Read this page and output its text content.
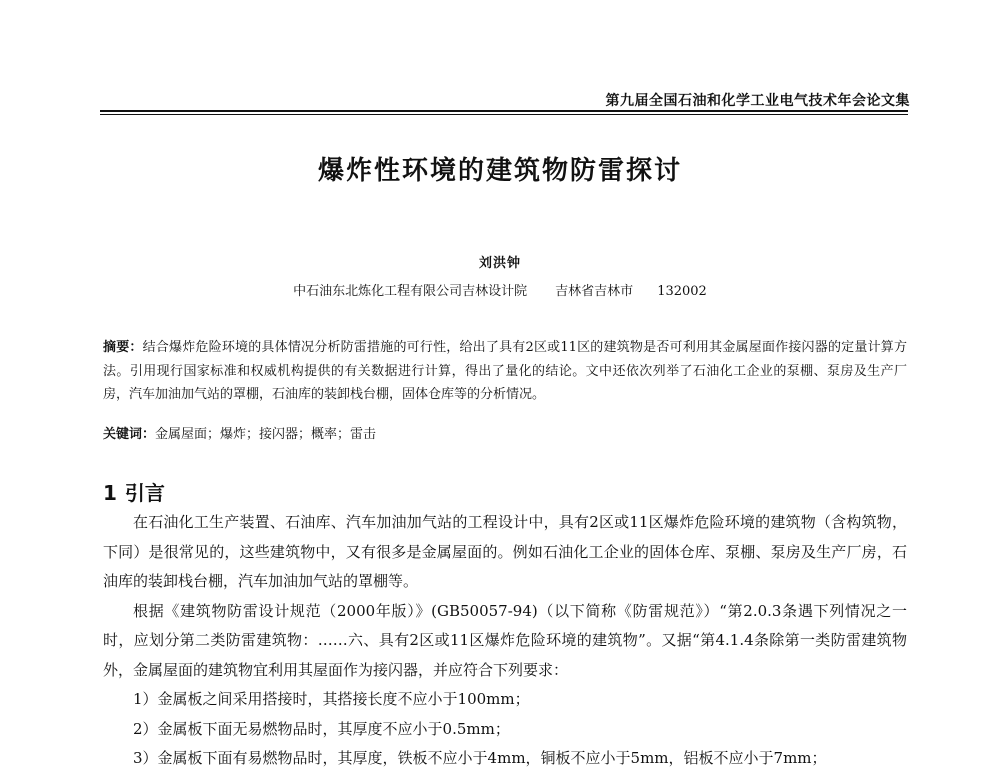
第九届全国石油和化学工业电气技术年会论文集
爆炸性环境的建筑物防雷探讨
刘洪钟
中石油东北炼化工程有限公司吉林设计院 吉林省吉林市 132002
摘要：结合爆炸危险环境的具体情况分析防雷措施的可行性，给出了具有2区或11区的建筑物是否可利用其金属屋面作接闪器的定量计算方法。引用现行国家标准和权威机构提供的有关数据进行计算，得出了量化的结论。文中还依次列举了石油化工企业的泵棚、泵房及生产厂房，汽车加油加气站的罩棚，石油库的装卸栈台棚，固体仓库等的分析情况。
关键词：金属屋面；爆炸；接闪器；概率；雷击
1 引言

在石油化工生产装置、石油库、汽车加油加气站的工程设计中，具有2区或11区爆炸危险环境的建筑物（含构筑物，下同）是很常见的，这些建筑物中，又有很多是金属屋面的。例如石油化工企业的固体仓库、泵棚、泵房及生产厂房，石油库的装卸栈台棚，汽车加油加气站的罩棚等。

根据《建筑物防雷设计规范（2000年版）》(GB50057-94)（以下简称《防雷规范》）“第2.0.3条遇下列情况之一时，应划分第二类防雷建筑物：……六、具有2区或11区爆炸危险环境的建筑物”。又据“第4.1.4条除第一类防雷建筑物外，金属屋面的建筑物宜利用其屋面作为接闪器，并应符合下列要求：

1）金属板之间采用搭接时，其搭接长度不应小于100mm；

2）金属板下面无易燃物品时，其厚度不应小于0.5mm；

3）金属板下面有易燃物品时，其厚度，铁板不应小于4mm，铜板不应小于5mm，铝板不应小于7mm；
